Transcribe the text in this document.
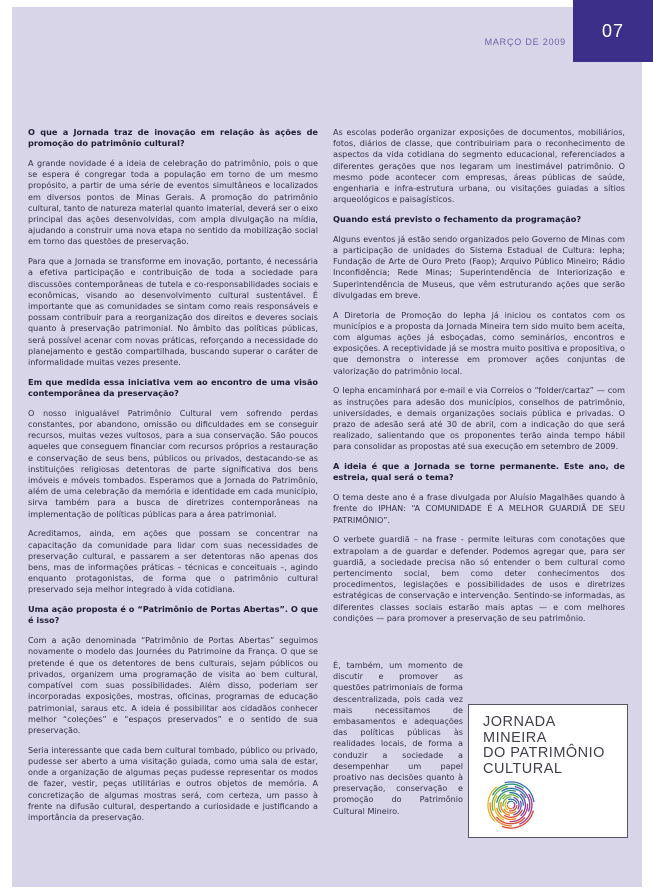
07
MARÇO DE 2009
O que a Jornada traz de inovação em relação às ações de promoção do patrimônio cultural?

A grande novidade é a ideia de celebração do patrimônio, pois o que se espera é congregar toda a população em torno de um mesmo propósito, a partir de uma série de eventos simultâneos e localizados em diversos pontos de Minas Gerais. A promoção do patrimônio cultural, tanto de natureza material quanto imaterial, deverá ser o eixo principal das ações desenvolvidas, com ampla divulgação na mídia, ajudando a construir uma nova etapa no sentido da mobilização social em torno das questões de preservação.

Para que a Jornada se transforme em inovação, portanto, é necessária a efetiva participação e contribuição de toda a sociedade para discussões contemporâneas de tutela e co-responsabilidades sociais e econômicas, visando ao desenvolvimento cultural sustentável. É importante que as comunidades se sintam como reais responsáveis e possam contribuir para a reorganização dos direitos e deveres sociais quanto à preservação patrimonial. No âmbito das políticas públicas, será possível acenar com novas práticas, reforçando a necessidade do planejamento e gestão compartilhada, buscando superar o caráter de informalidade muitas vezes presente.

Em que medida essa iniciativa vem ao encontro de uma visão contemporânea da preservação?

O nosso inigualável Patrimônio Cultural vem sofrendo perdas constantes, por abandono, omissão ou dificuldades em se conseguir recursos, muitas vezes vultosos, para a sua conservação. São poucos aqueles que conseguem financiar com recursos próprios a restauração e conservação de seus bens, públicos ou privados, destacando-se as instituições religiosas detentoras de parte significativa dos bens imóveis e móveis tombados. Esperamos que a Jornada do Patrimônio, além de uma celebração da memória e identidade em cada município, sirva também para a busca de diretrizes contemporâneas na implementação de políticas públicas para a área patrimonial.

Acreditamos, ainda, em ações que possam se concentrar na capacitação da comunidade para lidar com suas necessidades de preservação cultural, e passarem a ser detentoras não apenas dos bens, mas de informações práticas – técnicas e conceituais –, agindo enquanto protagonistas, de forma que o patrimônio cultural preservado seja melhor integrado à vida cotidiana.

Uma ação proposta é o “Patrimônio de Portas Abertas”. O que é isso?

Com a ação denominada “Patrimônio de Portas Abertas” seguimos novamente o modelo das Journées du Patrimoine da França. O que se pretende é que os detentores de bens culturais, sejam públicos ou privados, organizem uma programação de visita ao bem cultural, compatível com suas possibilidades. Além disso, poderiam ser incorporadas exposições, mostras, oficinas, programas de educação patrimonial, saraus etc. A ideia é possibilitar aos cidadãos conhecer melhor “coleções” e “espaços preservados” e o sentido de sua preservação.

Seria interessante que cada bem cultural tombado, público ou privado, pudesse ser aberto a uma visitação guiada, como uma sala de estar, onde a organização de algumas peças pudesse representar os modos de fazer, vestir, peças utilitárias e outros objetos de memória. A concretização de algumas mostras será, com certeza, um passo à frente na difusão cultural, despertando a curiosidade e justificando a importância da preservação.

As escolas poderão organizar exposições de documentos, mobiliários, fotos, diários de classe, que contribuiriam para o reconhecimento de aspectos da vida cotidiana do segmento educacional, referenciados a diferentes gerações que nos legaram um inestimável patrimônio. O mesmo pode acontecer com empresas, áreas públicas de saúde, engenharia e infra-estrutura urbana, ou visitações guiadas a sítios arqueológicos e paisagísticos.

Quando está previsto o fechamento da programação?

Alguns eventos já estão sendo organizados pelo Governo de Minas com a participação de unidades do Sistema Estadual de Cultura: Iepha; Fundação de Arte de Ouro Preto (Faop); Arquivo Público Mineiro; Rádio Inconfidência; Rede Minas; Superintendência de Interiorização e Superintendência de Museus, que vêm estruturando ações que serão divulgadas em breve.

A Diretoria de Promoção do Iepha já iniciou os contatos com os municípios e a proposta da Jornada Mineira tem sido muito bem aceita, com algumas ações já esboçadas, como seminários, encontros e exposições. A receptividade já se mostra muito positiva e propositiva, o que demonstra o interesse em promover ações conjuntas de valorização do patrimônio local.

O Iepha encaminhará por e-mail e via Correios o “folder/cartaz” — com as instruções para adesão dos municípios, conselhos de patrimônio, universidades, e demais organizações sociais pública e privadas. O prazo de adesão será até 30 de abril, com a indicação do que será realizado, salientando que os proponentes terão ainda tempo hábil para consolidar as propostas até sua execução em setembro de 2009.

A ideia é que a Jornada se torne permanente. Este ano, de estreia, qual será o tema?

O tema deste ano é a frase divulgada por Aluísio Magalhães quando à frente do IPHAN: “A COMUNIDADE É A MELHOR GUARDIÃ DE SEU PATRIMÔNIO”.

O verbete guardiã – na frase - permite leituras com conotações que extrapolam a de guardar e defender. Podemos agregar que, para ser guardiã, a sociedade precisa não só entender o bem cultural como pertencimento social, bem como deter conhecimentos dos procedimentos, legislações e possibilidades de usos e diretrizes estratégicas de conservação e intervenção. Sentindo-se informadas, as diferentes classes sociais estarão mais aptas — e com melhores condições — para promover a preservação de seu patrimônio.

É, também, um momento de discutir e promover as questões patrimoniais de forma descentralizada, pois cada vez mais necessitamos de embasamentos e adequações das políticas públicas às realidades locais, de forma a conduzir a sociedade a desempenhar um papel proativo nas decisões quanto à preservação, conservação e promoção do Patrimônio Cultural Mineiro.
JORNADA
MINEIRA
DO PATRIMÔNIO
CULTURAL
